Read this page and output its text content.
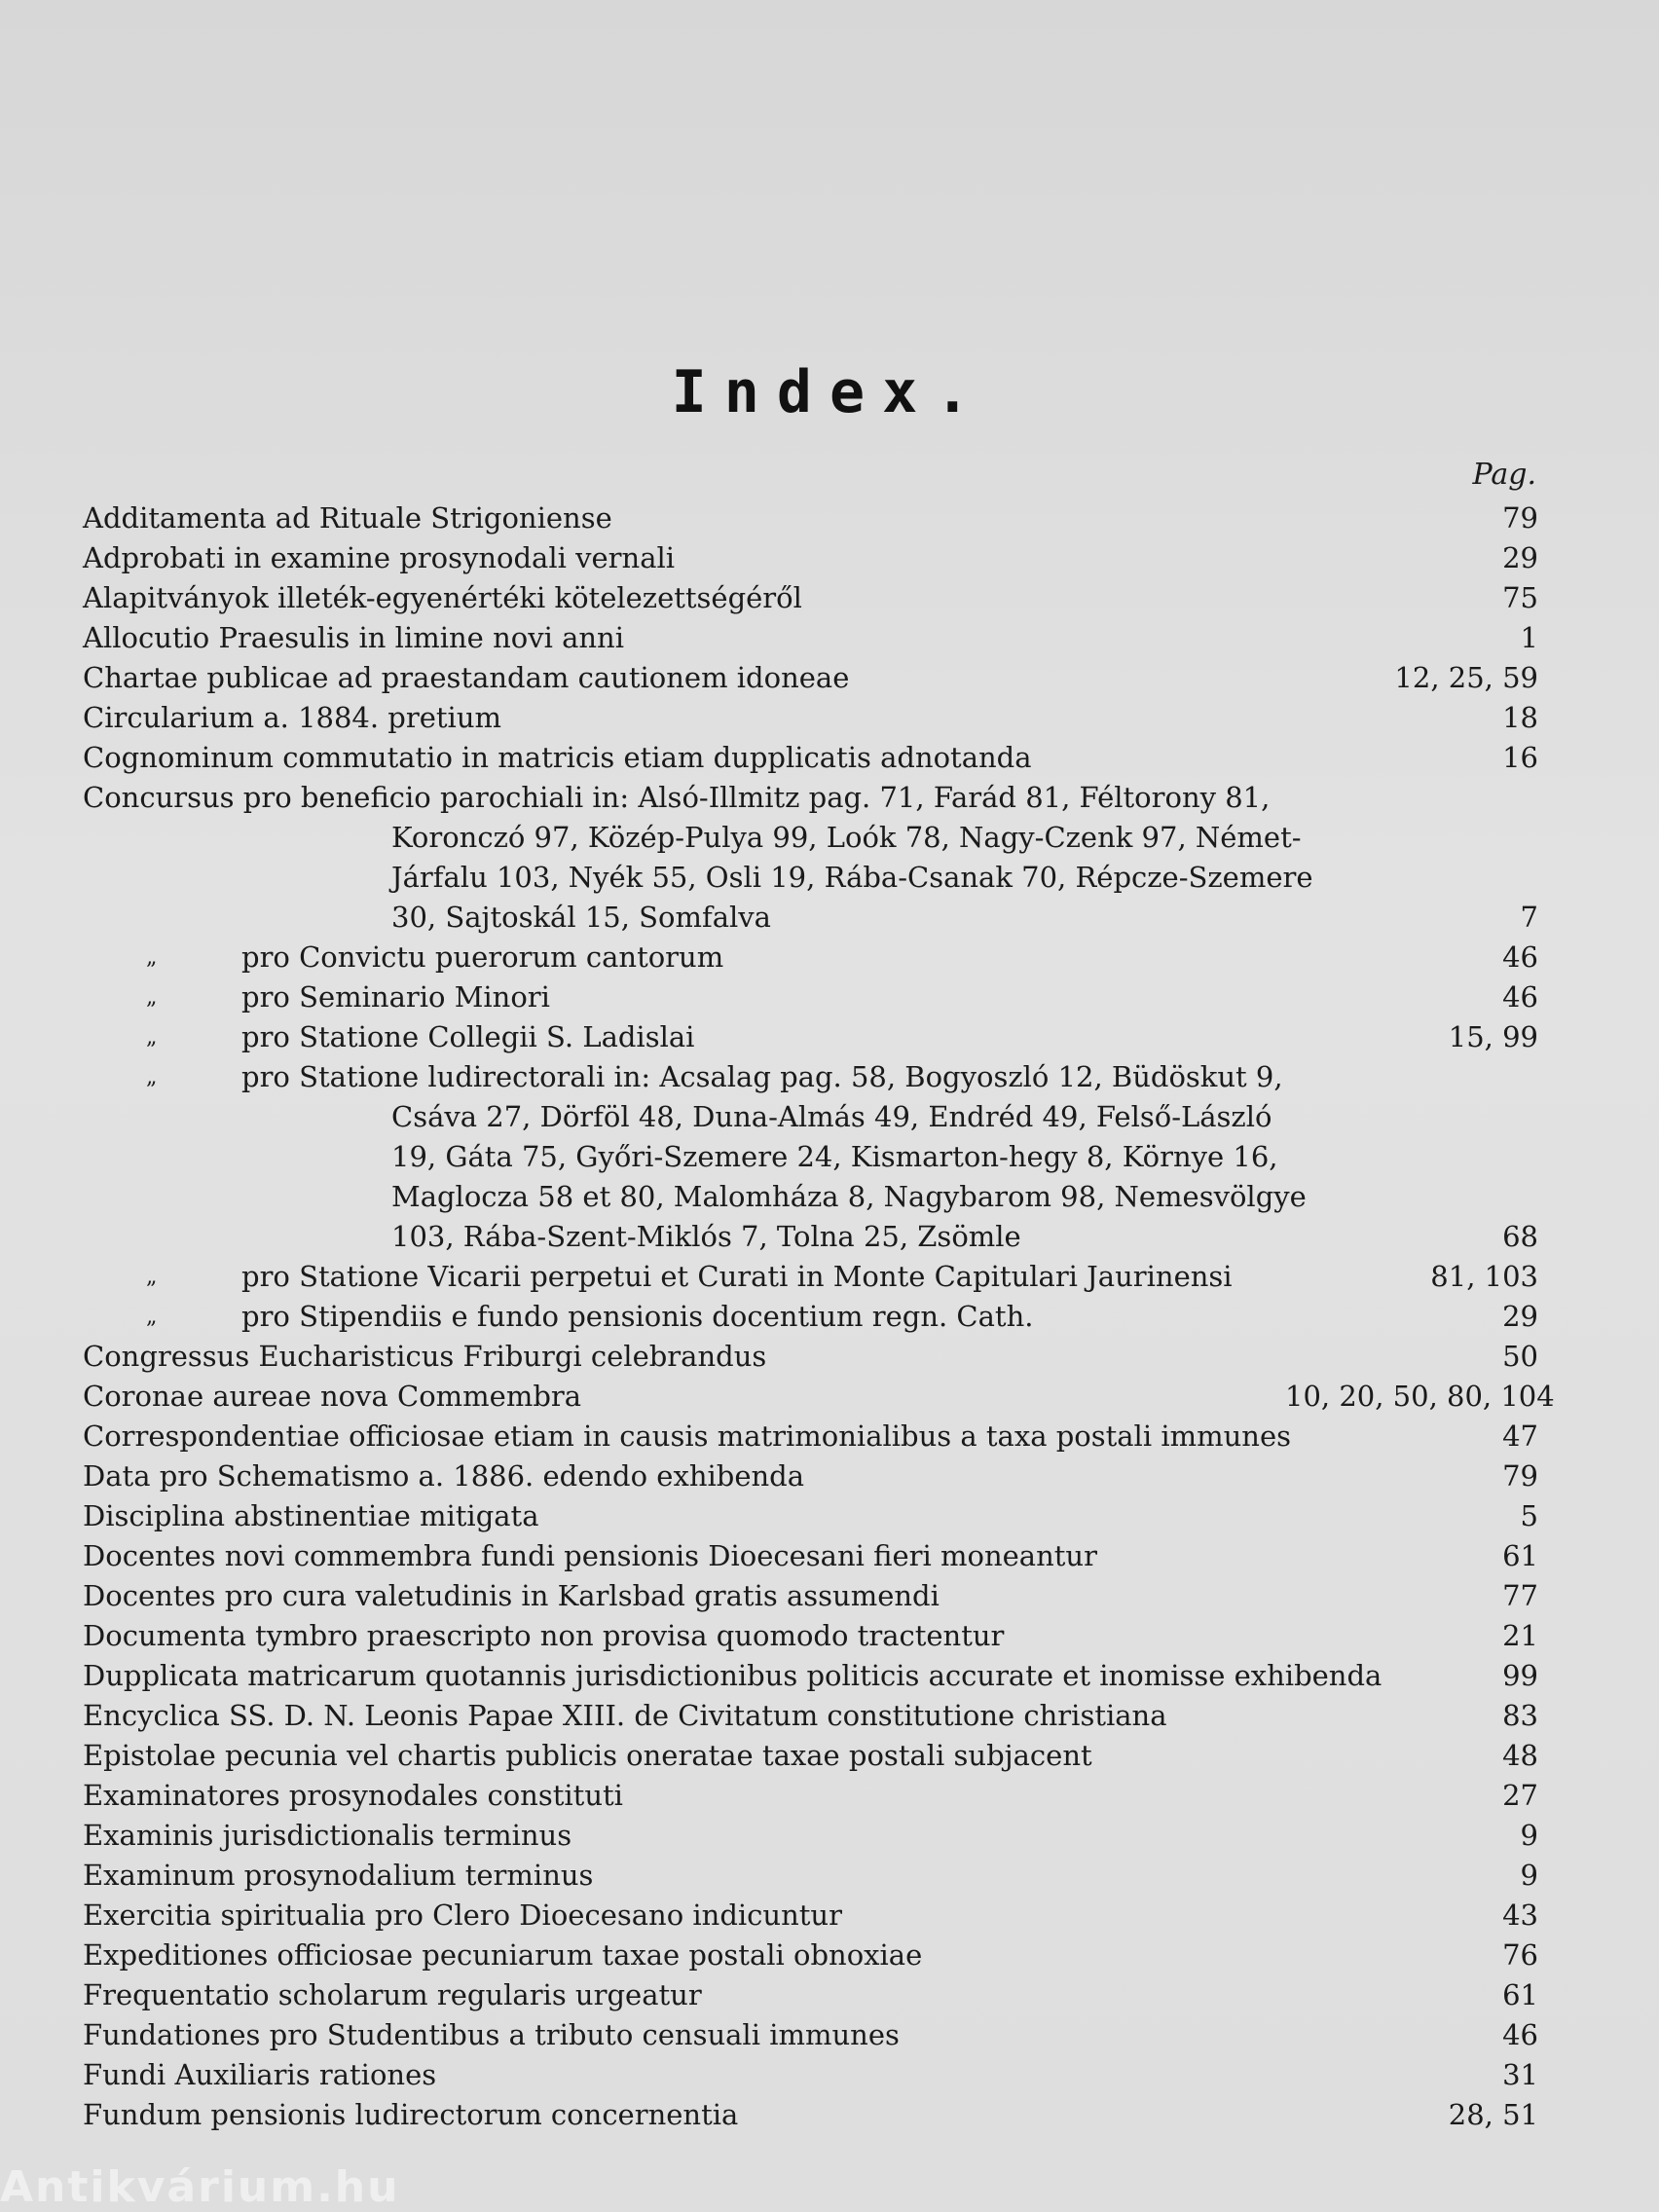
Index.
Pag.
Additamenta ad Rituale Strigoniense	79
Adprobati in examine prosynodali vernali	29
Alapitványok illeték-egyenértéki kötelezettségéről	75
Allocutio Praesulis in limine novi anni	1
Chartae publicae ad praestandam cautionem idoneae	12, 25, 59
Circularium a. 1884. pretium	18
Cognominum commutatio in matricis etiam dupplicatis adnotanda	16
Concursus pro beneficio parochiali in: Alsó-Illmitz pag. 71, Farád 81, Féltorony 81,
Koronczó 97, Közép-Pulya 99, Loók 78, Nagy-Czenk 97, Német-
Járfalu 103, Nyék 55, Osli 19, Rába-Csanak 70, Répcze-Szemere
30, Sajtoskál 15, Somfalva	7
„	pro Convictu puerorum cantorum	46
„	pro Seminario Minori	46
„	pro Statione Collegii S. Ladislai	15, 99
„	pro Statione ludirectorali in: Acsalag pag. 58, Bogyoszló 12, Büdöskut 9,
Csáva 27, Dörföl 48, Duna-Almás 49, Endréd 49, Felső-László
19, Gáta 75, Győri-Szemere 24, Kismarton-hegy 8, Környe 16,
Maglocza 58 et 80, Malomháza 8, Nagybarom 98, Nemesvölgye
103, Rába-Szent-Miklós 7, Tolna 25, Zsömle	68
„	pro Statione Vicarii perpetui et Curati in Monte Capitulari Jaurinensi	81, 103
„	pro Stipendiis e fundo pensionis docentium regn. Cath.	29
Congressus Eucharisticus Friburgi celebrandus	50
Coronae aureae nova Commembra	10, 20, 50, 80, 104
Correspondentiae officiosae etiam in causis matrimonialibus a taxa postali immunes	47
Data pro Schematismo a. 1886. edendo exhibenda	79
Disciplina abstinentiae mitigata	5
Docentes novi commembra fundi pensionis Dioecesani fieri moneantur	61
Docentes pro cura valetudinis in Karlsbad gratis assumendi	77
Documenta tymbro praescripto non provisa quomodo tractentur	21
Dupplicata matricarum quotannis jurisdictionibus politicis accurate et inomisse exhibenda	99
Encyclica SS. D. N. Leonis Papae XIII. de Civitatum constitutione christiana	83
Epistolae pecunia vel chartis publicis oneratae taxae postali subjacent	48
Examinatores prosynodales constituti	27
Examinis jurisdictionalis terminus	9
Examinum prosynodalium terminus	9
Exercitia spiritualia pro Clero Dioecesano indicuntur	43
Expeditiones officiosae pecuniarum taxae postali obnoxiae	76
Frequentatio scholarum regularis urgeatur	61
Fundationes pro Studentibus a tributo censuali immunes	46
Fundi Auxiliaris rationes	31
Fundum pensionis ludirectorum concernentia	28, 51
Antikvárium.hu
